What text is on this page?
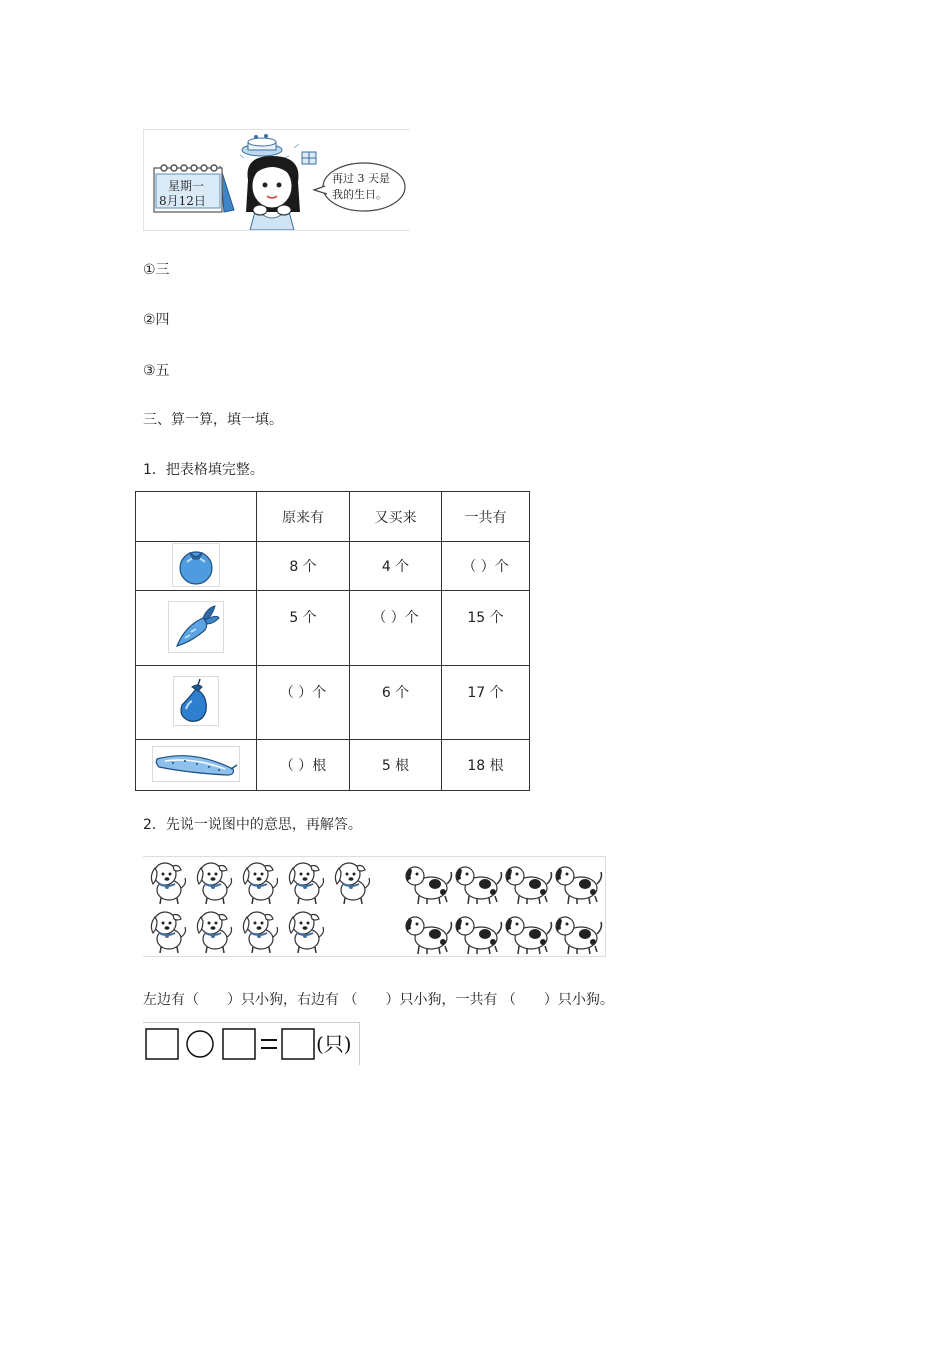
星期一
8月12日
再过 3 天是
我的生日。
①三
②四
③五
三、算一算，填一填。
1．把表格填完整。
	原来有	又买来	一共有
	8 个	4 个	（ ）个
	5 个	（ ）个	15 个
	（ ）个	6 个	17 个
	（ ）根	5 根	18 根
2．先说一说图中的意思，再解答。
左边有（　　）只小狗，右边有 （　　）只小狗，一共有 （　　）只小狗。
(只)
